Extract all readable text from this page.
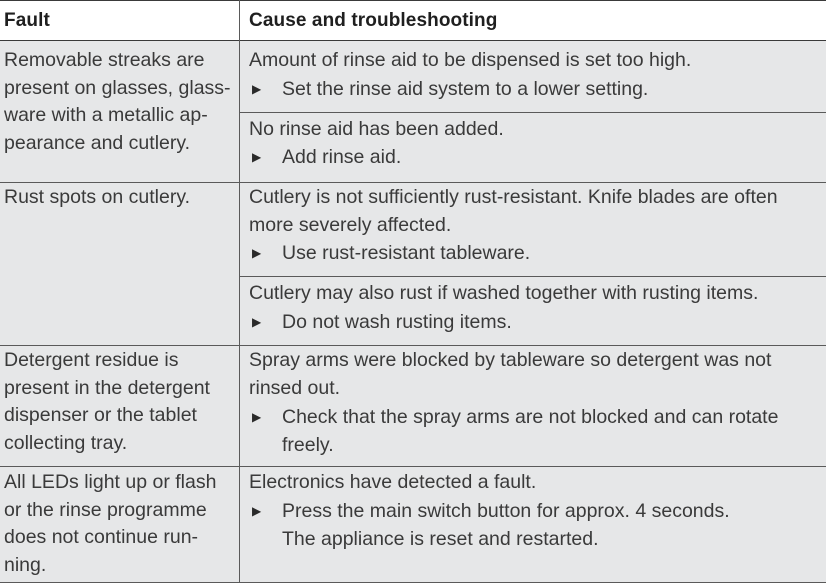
Fault	Cause and troubleshooting
Removable streaks are
present on glasses, glass-
ware with a metallic ap-
pearance and cutlery.
Amount of rinse aid to be dispensed is set too high.
▶ Set the rinse aid system to a lower setting.
No rinse aid has been added.
▶ Add rinse aid.
Rust spots on cutlery.	Cutlery is not sufficiently rust-resistant. Knife blades are often
more severely affected.
▶ Use rust-resistant tableware.
Cutlery may also rust if washed together with rusting items.
▶ Do not wash rusting items.
Detergent residue is
present in the detergent
dispenser or the tablet
collecting tray.
Spray arms were blocked by tableware so detergent was not
rinsed out.
▶ Check that the spray arms are not blocked and can rotate
freely.
All LEDs light up or flash
or the rinse programme
does not continue run-
ning.
Electronics have detected a fault.
▶ Press the main switch button for approx. 4 seconds.
The appliance is reset and restarted.
